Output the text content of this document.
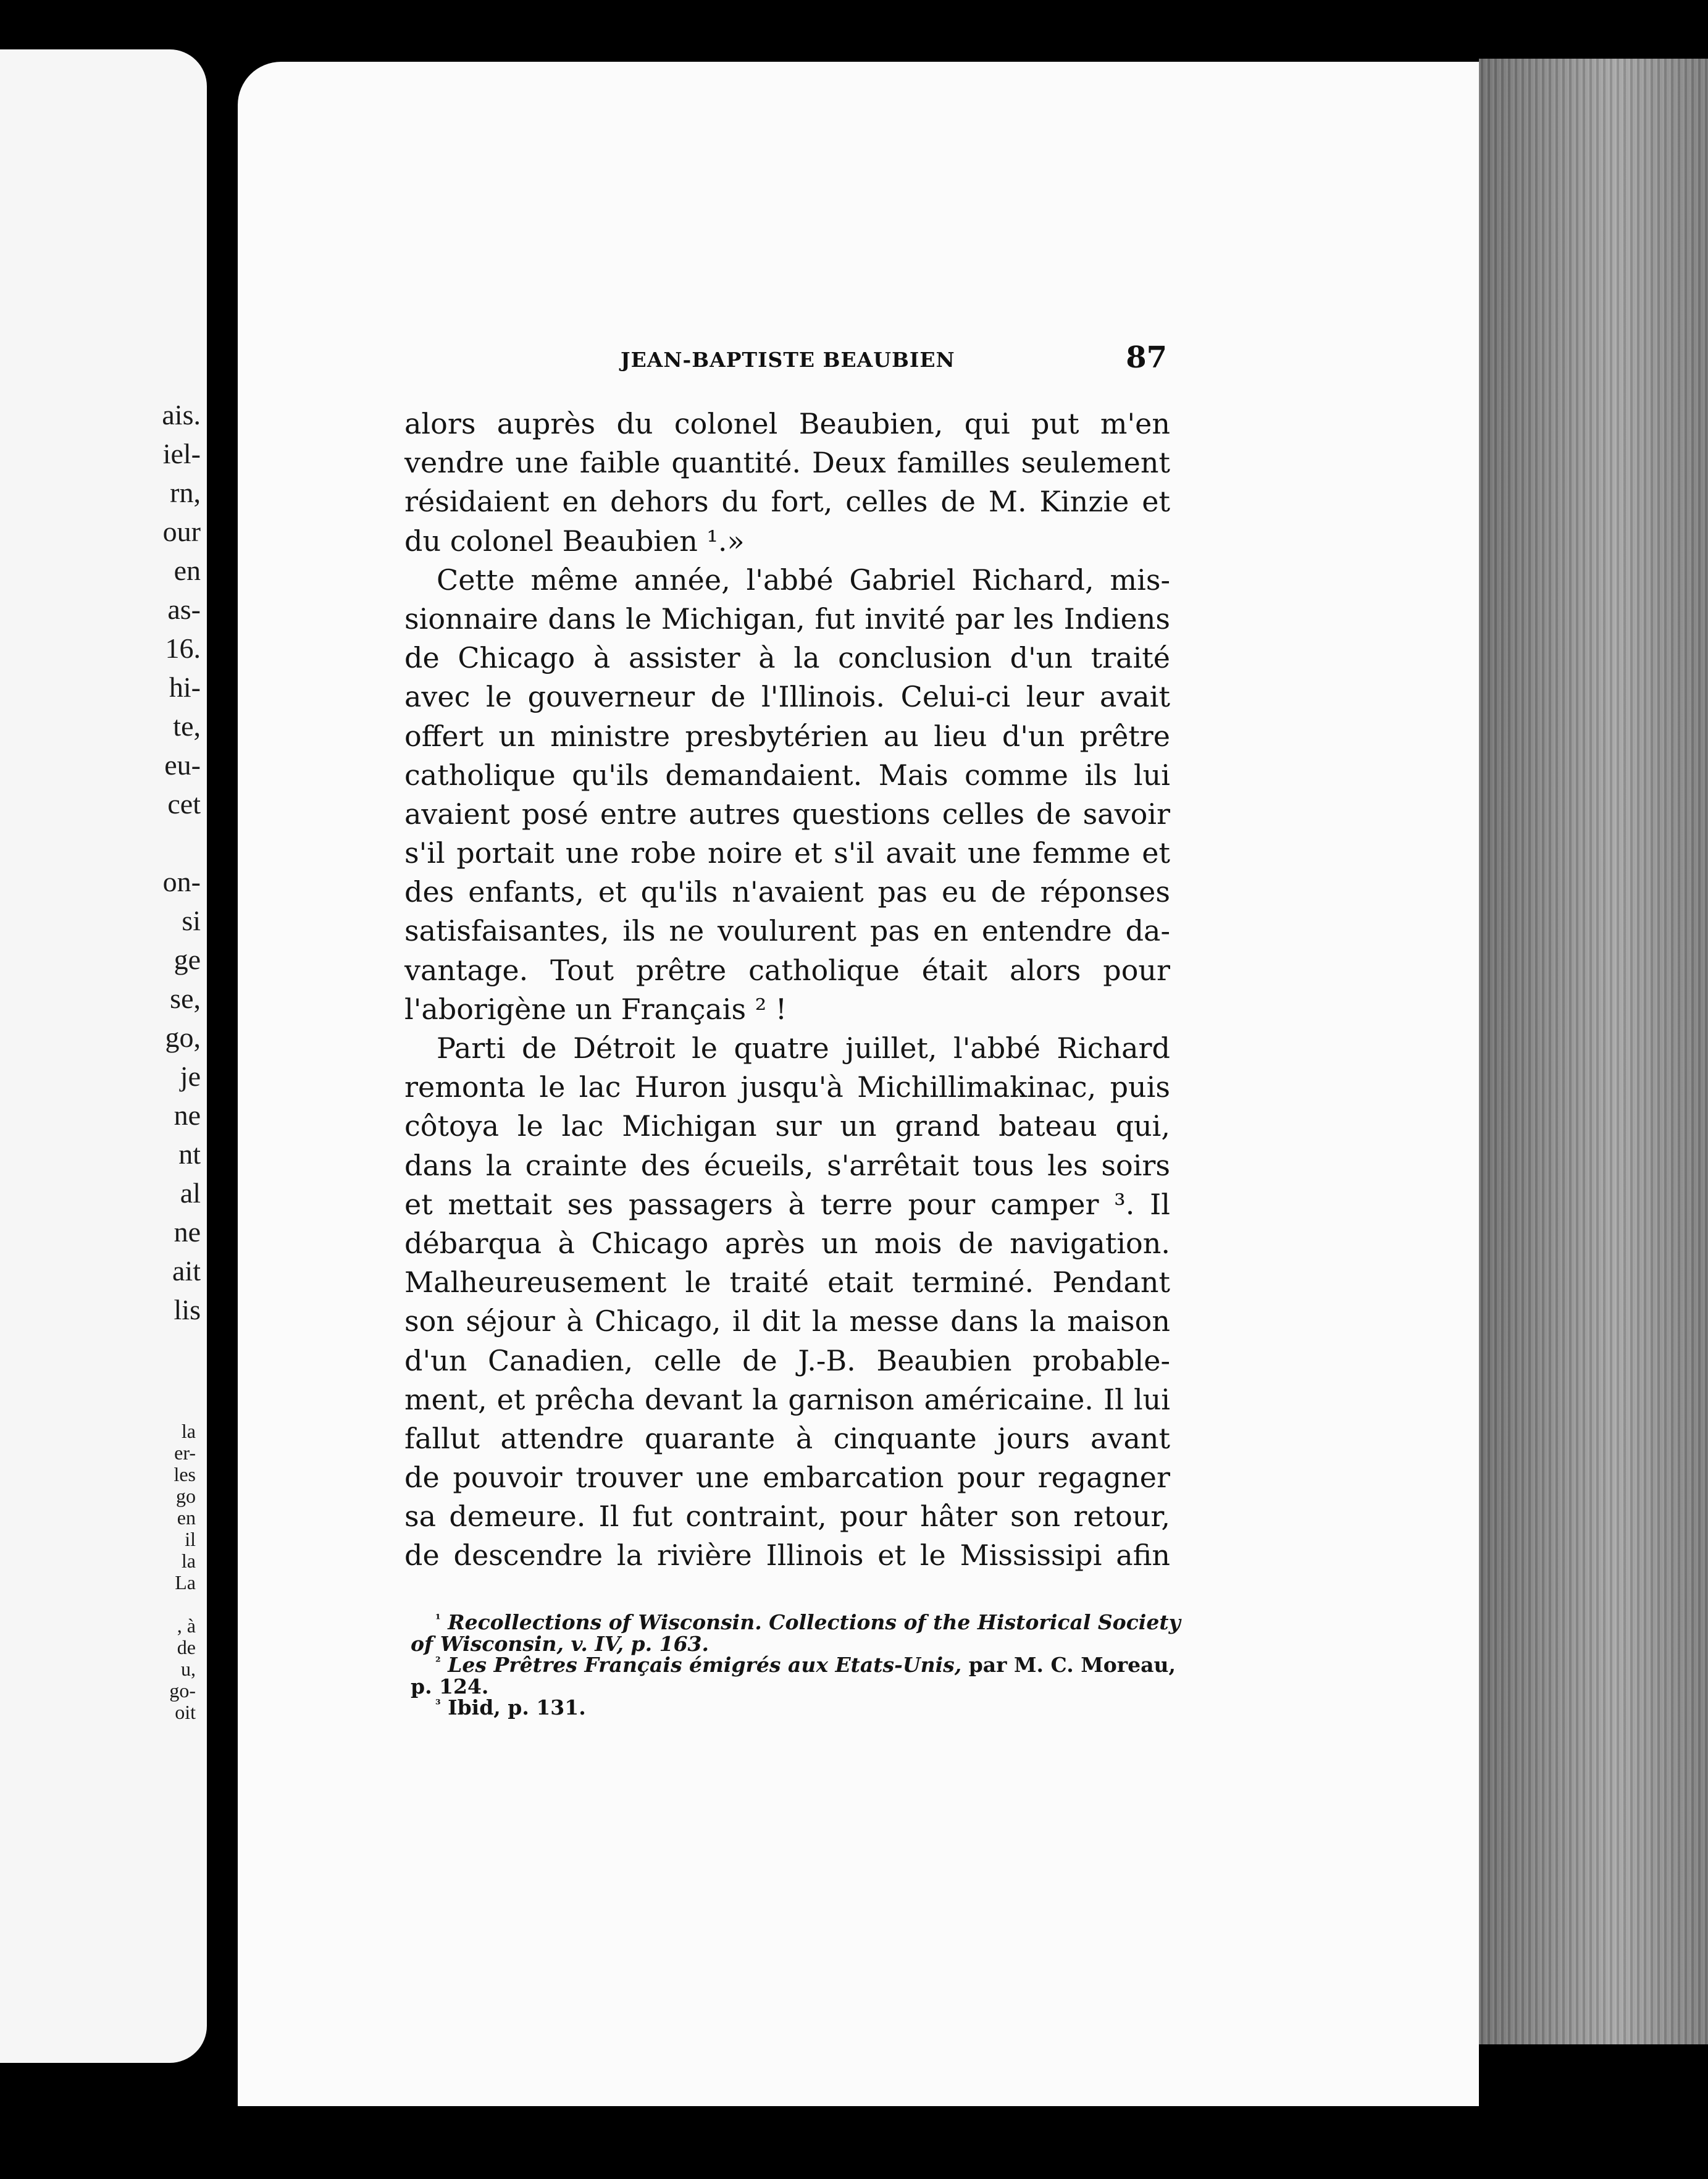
ais.
iel-
rn,
our
en
as-
16.
hi-
te,
eu-
cet
on-
si
ge
se,
go,
je
ne
nt
al
ne
ait
lis
la
er-
les
go
en
il
la
La
, à
de
u,
go-
oit
JEAN-BAPTISTE BEAUBIEN	87
alors auprès du colonel Beaubien, qui put m'en
vendre une faible quantité. Deux familles seulement
résidaient en dehors du fort, celles de M. Kinzie et
du colonel Beaubien ¹.»
Cette même année, l'abbé Gabriel Richard, mis-
sionnaire dans le Michigan, fut invité par les Indiens
de Chicago à assister à la conclusion d'un traité
avec le gouverneur de l'Illinois. Celui-ci leur avait
offert un ministre presbytérien au lieu d'un prêtre
catholique qu'ils demandaient. Mais comme ils lui
avaient posé entre autres questions celles de savoir
s'il portait une robe noire et s'il avait une femme et
des enfants, et qu'ils n'avaient pas eu de réponses
satisfaisantes, ils ne voulurent pas en entendre da-
vantage. Tout prêtre catholique était alors pour
l'aborigène un Français ² !
Parti de Détroit le quatre juillet, l'abbé Richard
remonta le lac Huron jusqu'à Michillimakinac, puis
côtoya le lac Michigan sur un grand bateau qui,
dans la crainte des écueils, s'arrêtait tous les soirs
et mettait ses passagers à terre pour camper ³. Il
débarqua à Chicago après un mois de navigation.
Malheureusement le traité etait terminé. Pendant
son séjour à Chicago, il dit la messe dans la maison
d'un Canadien, celle de J.-B. Beaubien probable-
ment, et prêcha devant la garnison américaine. Il lui
fallut attendre quarante à cinquante jours avant
de pouvoir trouver une embarcation pour regagner
sa demeure. Il fut contraint, pour hâter son retour,
de descendre la rivière Illinois et le Mississipi afin
$^{^1}$ Recollections of Wisconsin. Collections of the Historical Society
of Wisconsin, v. IV, p. 163.
$^{^2}$ Les Prêtres Français émigrés aux Etats-Unis, par M. C. Moreau,
p. 124.
$^{^3}$ Ibid, p. 131.
